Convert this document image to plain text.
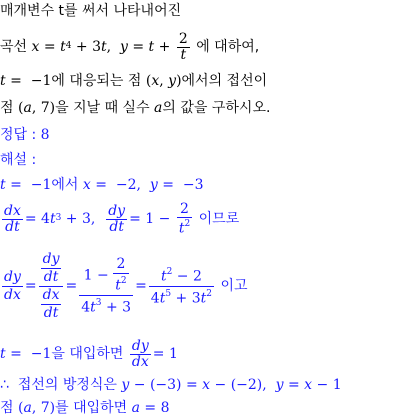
매개변수 t를 써서 나타내어진
곡선
$x = t^4 + 3$ t , $y = t + \frac{2}{t}$
에 대하여,
t =  −1에 대응되는 점 (x, y)에서의 접선이
점 (a, 7)을 지날 때 실수 a의 값을 구하시오.
정답 : 8
해설 :
t =  −1에서 x =  −2,  y =  −3
$\frac{dx}{dt} = 4$ $t^3 + 3$, $\frac{dy}{dt} = 1 - \frac{2}{t^2}$
이므로
$\frac{dy}{dx} = \frac{\frac{dy}{dt}}{\frac{dx}{dt}} = \frac{1 - \frac{2}{t^2}}{4t^3 + 3} = \frac{t^2 - 2}{4t^5 + 3t^2}$
이고
t =  −1 을 대입하면
$\frac{dy}{dx} = 1$
∴ 접선의 방정식은 y − (−3) = x − (−2),  y = x − 1
점 (a, 7)를 대입하면 a = 8
